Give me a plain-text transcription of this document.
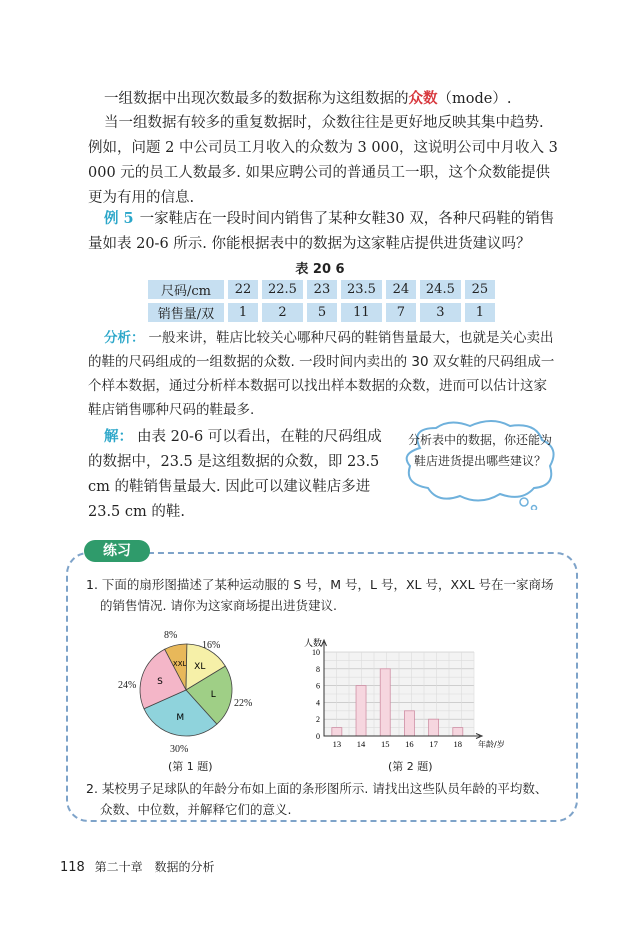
一组数据中出现次数最多的数据称为这组数据的众数（mode）.
当一组数据有较多的重复数据时，众数往往是更好地反映其集中趋势. 例如，问题 2 中公司员工月收入的众数为 3 000，这说明公司中月收入 3 000 元的员工人数最多. 如果应聘公司的普通员工一职，这个众数能提供更为有用的信息.
例 5 一家鞋店在一段时间内销售了某种女鞋30 双，各种尺码鞋的销售量如表 20-6 所示. 你能根据表中的数据为这家鞋店提供进货建议吗？
表 20 6
尺码/cm	22	22.5	23	23.5	24	24.5	25
销售量/双	1	2	5	11	7	3	1
分析： 一般来讲，鞋店比较关心哪种尺码的鞋销售量最大，也就是关心卖出的鞋的尺码组成的一组数据的众数. 一段时间内卖出的 30 双女鞋的尺码组成一个样本数据，通过分析样本数据可以找出样本数据的众数，进而可以估计这家鞋店销售哪种尺码的鞋最多.
解： 由表 20-6 可以看出，在鞋的尺码组成的数据中，23.5 是这组数据的众数，即 23.5 cm 的鞋销售量最大. 因此可以建议鞋店多进 23.5 cm 的鞋.
分析表中的数据，你还能为鞋店进货提出哪些建议？
练习
1. 下面的扇形图描述了某种运动服的 S 号，M 号，L 号，XL 号，XXL 号在一家商场的销售情况. 请你为这家商场提出进货建议.
XXL XL
L
M
S
8%
16%
22%
30%
24%
(第 1 题)
0
2
4
6
8
10
13 14 15 16 17 18
人数
年龄/岁
(第 2 题)
2. 某校男子足球队的年龄分布如上面的条形图所示. 请找出这些队员年龄的平均数、众数、中位数，并解释它们的意义.
118 第二十章 数据的分析
